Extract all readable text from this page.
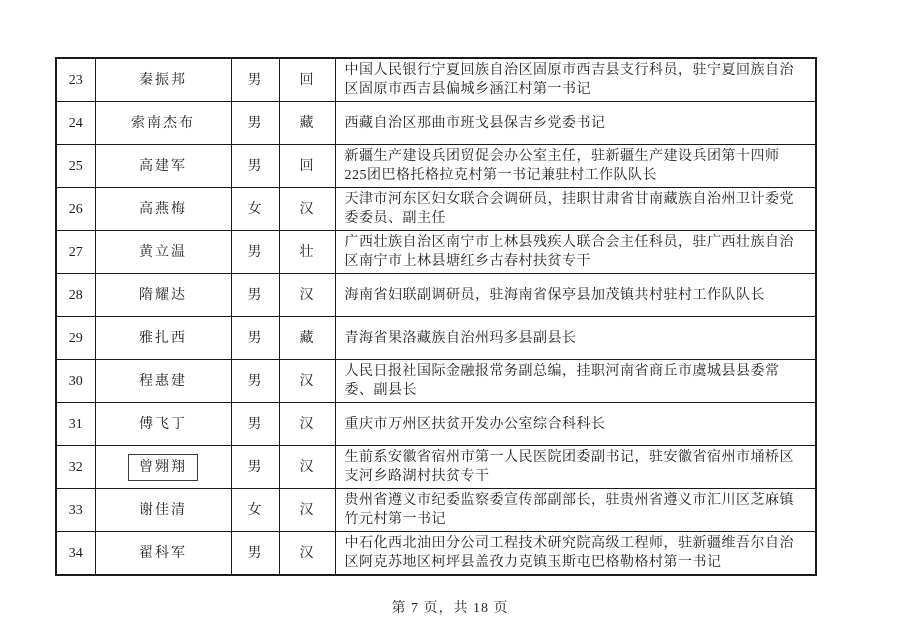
23	秦振邦	男	回	中国人民银行宁夏回族自治区固原市西吉县支行科员，驻宁夏回族自治区固原市西吉县偏城乡涵江村第一书记
24	索南杰布	男	藏	西藏自治区那曲市班戈县保吉乡党委书记
25	高建军	男	回	新疆生产建设兵团贸促会办公室主任，驻新疆生产建设兵团第十四师225团巴格托格拉克村第一书记兼驻村工作队队长
26	高燕梅	女	汉	天津市河东区妇女联合会调研员，挂职甘肃省甘南藏族自治州卫计委党委委员、副主任
27	黄立温	男	壮	广西壮族自治区南宁市上林县残疾人联合会主任科员，驻广西壮族自治区南宁市上林县塘红乡古春村扶贫专干
28	隋耀达	男	汉	海南省妇联副调研员，驻海南省保亭县加茂镇共村驻村工作队队长
29	雅扎西	男	藏	青海省果洛藏族自治州玛多县副县长
30	程惠建	男	汉	人民日报社国际金融报常务副总编，挂职河南省商丘市虞城县县委常委、副县长
31	傅飞丁	男	汉	重庆市万州区扶贫开发办公室综合科科长
32	曾翙翔	男	汉	生前系安徽省宿州市第一人民医院团委副书记，驻安徽省宿州市埇桥区支河乡路湖村扶贫专干
33	谢佳清	女	汉	贵州省遵义市纪委监察委宣传部副部长，驻贵州省遵义市汇川区芝麻镇竹元村第一书记
34	翟科军	男	汉	中石化西北油田分公司工程技术研究院高级工程师，驻新疆维吾尔自治区阿克苏地区柯坪县盖孜力克镇玉斯屯巴格勒格村第一书记
第 7 页，共 18 页
